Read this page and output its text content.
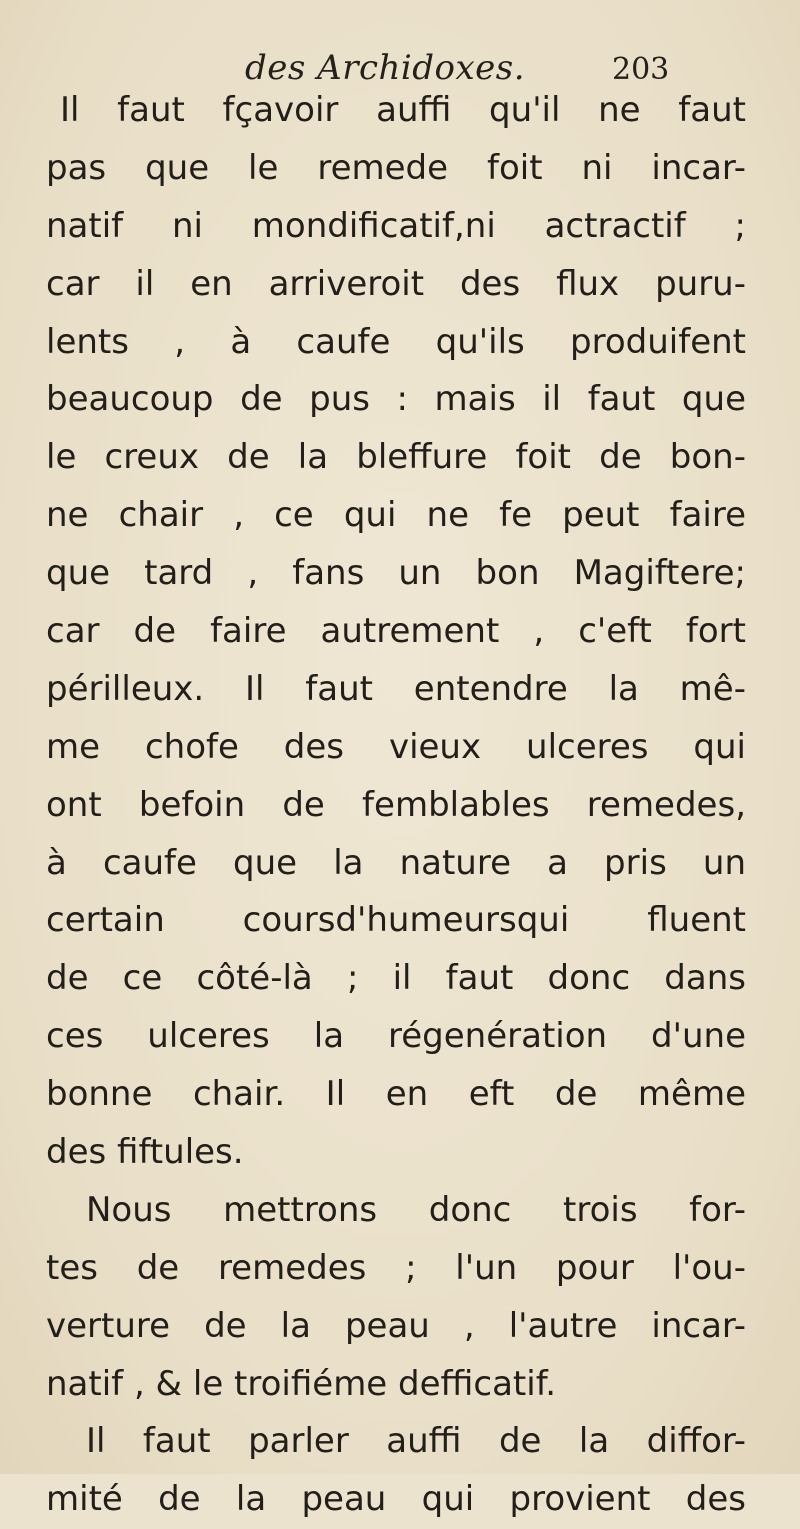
des Archidoxes.	203
Il faut fçavoir auffi qu'il ne faut
pas que le remede foit ni incar-
natif ni mondificatif,ni actractif ;
car il en arriveroit des flux puru-
lents , à caufe qu'ils produifent
beaucoup de pus : mais il faut que
le creux de la bleffure foit de bon-
ne chair , ce qui ne fe peut faire
que tard , fans un bon Magiftere;
car de faire autrement , c'eft fort
périlleux. Il faut entendre la mê-
me chofe des vieux ulceres qui
ont befoin de femblables remedes,
à caufe que la nature a pris un
certain coursd'humeursqui fluent
de ce côté-là ; il faut donc dans
ces ulceres la régenération d'une
bonne chair. Il en eft de même
des fiftules.
Nous mettrons donc trois for-
tes de remedes ; l'un pour l'ou-
verture de la peau , l'autre incar-
natif , & le troifiéme defficatif.
Il faut parler auffi de la diffor-
mité de la peau qui provient des
